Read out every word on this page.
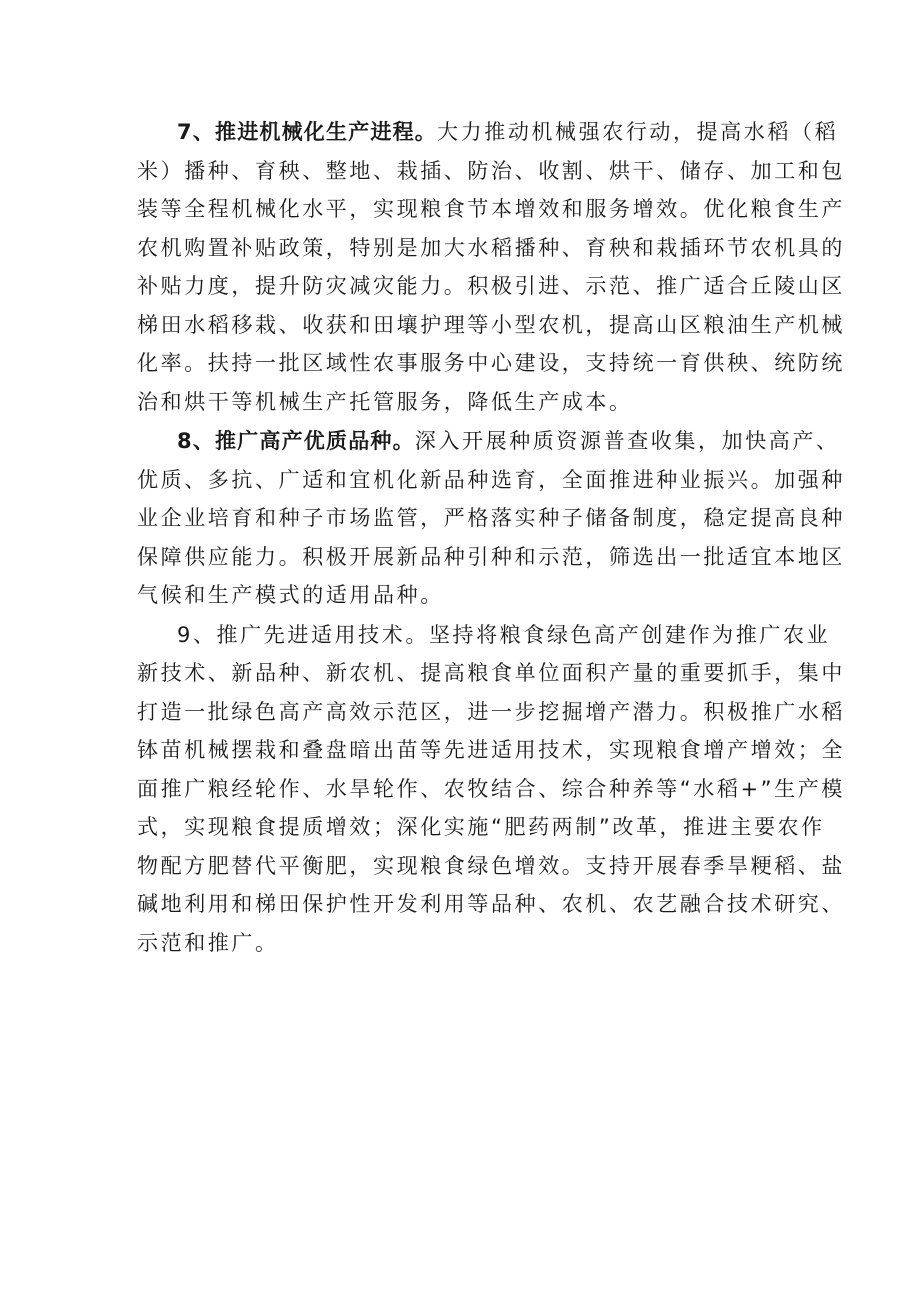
7、推进机械化生产进程。大力推动机械强农行动，提高水稻（稻
米）播种、育秧、整地、栽插、防治、收割、烘干、储存、加工和包
装等全程机械化水平，实现粮食节本增效和服务增效。优化粮食生产
农机购置补贴政策，特别是加大水稻播种、育秧和栽插环节农机具的
补贴力度，提升防灾减灾能力。积极引进、示范、推广适合丘陵山区
梯田水稻移栽、收获和田壤护理等小型农机，提高山区粮油生产机械
化率。扶持一批区域性农事服务中心建设，支持统一育供秧、统防统
治和烘干等机械生产托管服务，降低生产成本。
8、推广高产优质品种。深入开展种质资源普查收集，加快高产、
优质、多抗、广适和宜机化新品种选育，全面推进种业振兴。加强种
业企业培育和种子市场监管，严格落实种子储备制度，稳定提高良种
保障供应能力。积极开展新品种引种和示范，筛选出一批适宜本地区
气候和生产模式的适用品种。
9、推广先进适用技术。坚持将粮食绿色高产创建作为推广农业
新技术、新品种、新农机、提高粮食单位面积产量的重要抓手，集中
打造一批绿色高产高效示范区，进一步挖掘增产潜力。积极推广水稻
钵苗机械摆栽和叠盘暗出苗等先进适用技术，实现粮食增产增效；全
面推广粮经轮作、水旱轮作、农牧结合、综合种养等“水稻+”生产模
式，实现粮食提质增效；深化实施“肥药两制”改革，推进主要农作
物配方肥替代平衡肥，实现粮食绿色增效。支持开展春季旱粳稻、盐
碱地利用和梯田保护性开发利用等品种、农机、农艺融合技术研究、
示范和推广。
